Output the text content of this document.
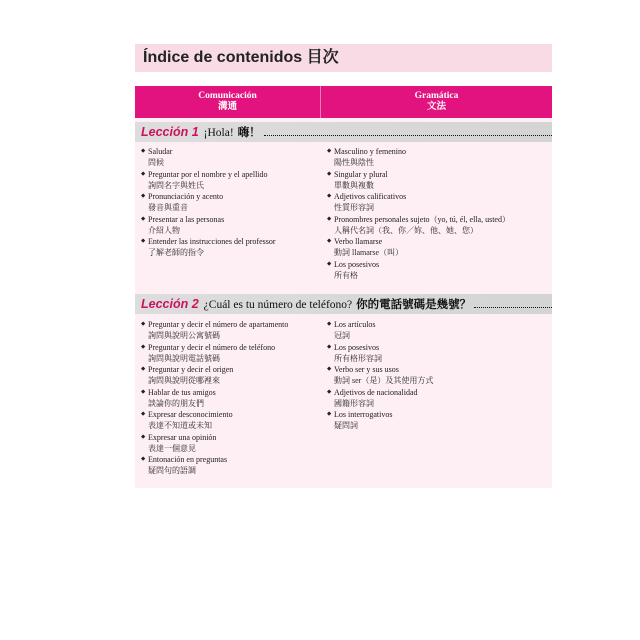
Índice de contenidos 目次
Comunicación
溝通
Gramática
文法
Lección 1 ¡Hola! 嗨！
◆ Saludar
問候
◆ Preguntar por el nombre y el apellido
詢問名字與姓氏
◆ Pronunciación y acento
發音與重音
◆ Presentar a las personas
介紹人物
◆ Entender las instrucciones del professor
了解老師的指令
◆ Masculino y femenino
陽性與陰性
◆ Singular y plural
單數與複數
◆ Adjetivos calificativos
性質形容詞
◆ Pronombres personales sujeto（yo, tú, él, ella, usted）
人稱代名詞（我、你／妳、他、她、您）
◆ Verbo llamarse
動詞 llamarse（叫）
◆ Los posesivos
所有格
Lección 2 ¿Cuál es tu número de teléfono? 你的電話號碼是幾號？
◆ Preguntar y decir el número de apartamento
詢問與說明公寓號碼
◆ Preguntar y decir el número de teléfono
詢問與說明電話號碼
◆ Preguntar y decir el origen
詢問與說明從哪裡來
◆ Hablar de tus amigos
談論你的朋友們
◆ Expresar desconocimiento
表達不知道或未知
◆ Expresar una opinión
表達一個意見
◆ Entonación en preguntas
疑問句的語調
◆ Los artículos
冠詞
◆ Los posesivos
所有格形容詞
◆ Verbo ser y sus usos
動詞 ser（是）及其使用方式
◆ Adjetivos de nacionalidad
國籍形容詞
◆ Los interrogativos
疑問詞
